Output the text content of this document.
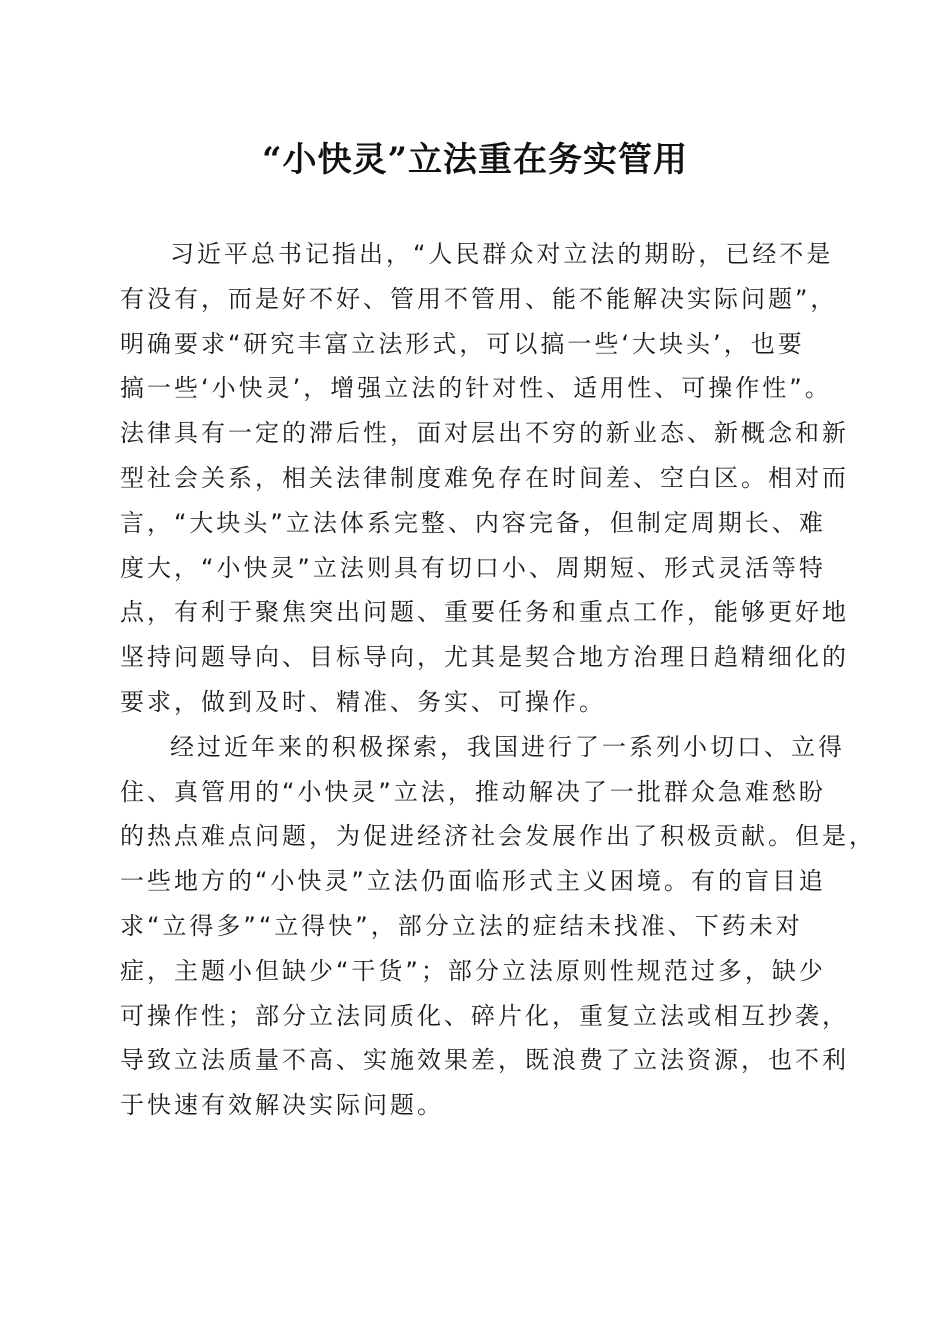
“小快灵”立法重在务实管用

习近平总书记指出，“人民群众对立法的期盼，已经不是
有没有，而是好不好、管用不管用、能不能解决实际问题”，
明确要求“研究丰富立法形式，可以搞一些‘大块头’，也要
搞一些‘小快灵’，增强立法的针对性、适用性、可操作性”。
法律具有一定的滞后性，面对层出不穷的新业态、新概念和新
型社会关系，相关法律制度难免存在时间差、空白区。相对而
言，“大块头”立法体系完整、内容完备，但制定周期长、难
度大，“小快灵”立法则具有切口小、周期短、形式灵活等特
点，有利于聚焦突出问题、重要任务和重点工作，能够更好地
坚持问题导向、目标导向，尤其是契合地方治理日趋精细化的
要求，做到及时、精准、务实、可操作。

经过近年来的积极探索，我国进行了一系列小切口、立得
住、真管用的“小快灵”立法，推动解决了一批群众急难愁盼
的热点难点问题，为促进经济社会发展作出了积极贡献。但是，
一些地方的“小快灵”立法仍面临形式主义困境。有的盲目追
求“立得多”“立得快”，部分立法的症结未找准、下药未对
症，主题小但缺少“干货”；部分立法原则性规范过多，缺少
可操作性；部分立法同质化、碎片化，重复立法或相互抄袭，
导致立法质量不高、实施效果差，既浪费了立法资源，也不利
于快速有效解决实际问题。
